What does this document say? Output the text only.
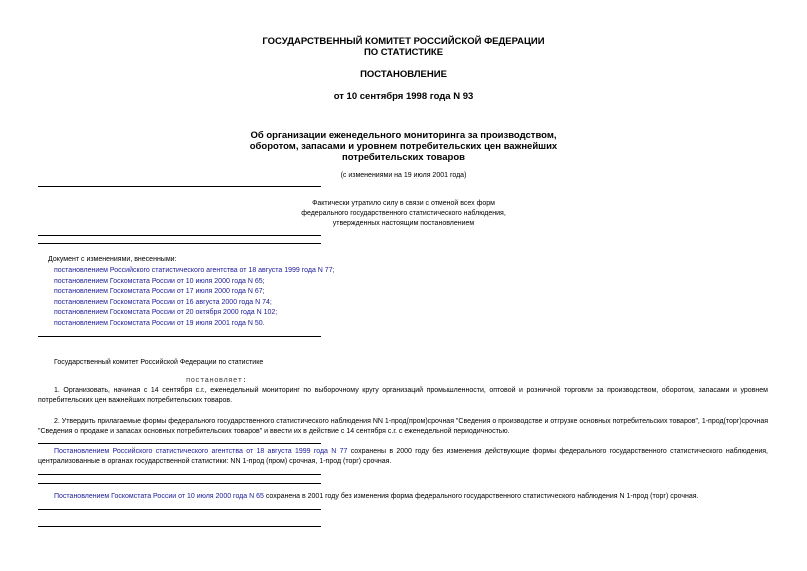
ГОСУДАРСТВЕННЫЙ КОМИТЕТ РОССИЙСКОЙ ФЕДЕРАЦИИ
ПО СТАТИСТИКЕ
ПОСТАНОВЛЕНИЕ
от 10 сентября 1998 года N 93
Об организации еженедельного мониторинга за производством,
оборотом, запасами и уровнем потребительских цен важнейших
потребительских товаров
(с изменениями на 19 июля 2001 года)
Фактически утратило силу в связи с отменой всех форм
федерального государственного статистического наблюдения,
утвержденных настоящим постановлением
Документ с изменениями, внесенными:
постановлением Российского статистического агентства от 18 августа 1999 года N 77;
постановлением Госкомстата России от 10 июля 2000 года N 65;
постановлением Госкомстата России от 17 июля 2000 года N 67;
постановлением Госкомстата России от 16 августа 2000 года N 74;
постановлением Госкомстата России от 20 октября 2000 года N 102;
постановлением Госкомстата России от 19 июля 2001 года N 50.
Государственный комитет Российской Федерации по статистике
постановляет:
1. Организовать, начиная с 14 сентября с.г., еженедельный мониторинг по выборочному кругу организаций промышленности, оптовой и розничной торговли за производством, оборотом, запасами и уровнем потребительских цен важнейших потребительских товаров.
2. Утвердить прилагаемые формы федерального государственного статистического наблюдения NN 1-прод(пром)срочная "Сведения о производстве и отгрузке основных потребительских товаров", 1-прод(торг)срочная "Сведения о продаже и запасах основных потребительских товаров" и ввести их в действие с 14 сентября с.г. с еженедельной периодичностью.
Постановлением Российского статистического агентства от 18 августа 1999 года N 77 сохранены в 2000 году без изменения действующие формы федерального государственного статистического наблюдения, централизованные в органах государственной статистики: NN 1-прод (пром) срочная, 1-прод (торг) срочная.
Постановлением Госкомстата России от 10 июля 2000 года N 65 сохранена в 2001 году без изменения форма федерального государственного статистического наблюдения N 1-прод (торг) срочная.
